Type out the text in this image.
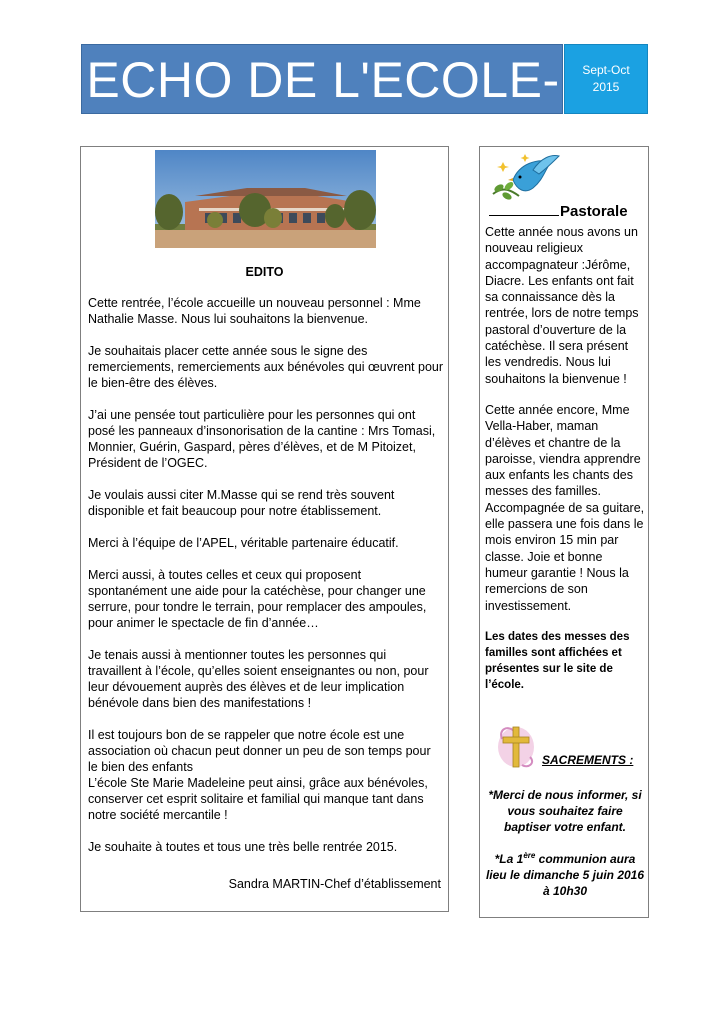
ECHO DE L'ECOLE-	Sept-Oct
2015
EDITO

Cette rentrée, l’école accueille un nouveau personnel : Mme Nathalie Masse. Nous lui souhaitons la bienvenue.

Je souhaitais placer cette année sous le signe des remerciements, remerciements aux bénévoles qui œuvrent pour le bien-être des élèves.

J’ai une pensée tout particulière pour les personnes qui ont posé les panneaux d’insonorisation de la cantine : Mrs Tomasi, Monnier, Guérin, Gaspard, pères d’élèves, et de M Pitoizet, Président de l’OGEC.

Je voulais aussi citer M.Masse qui se rend très souvent disponible et fait beaucoup pour notre établissement.

Merci à l’équipe de l’APEL, véritable partenaire éducatif.

Merci aussi, à toutes celles et ceux qui proposent spontanément une aide pour la catéchèse, pour changer une serrure, pour tondre le terrain, pour remplacer des ampoules, pour animer le spectacle de fin d’année…

Je tenais aussi à mentionner toutes les personnes qui travaillent à l’école, qu’elles soient enseignantes ou non, pour leur dévouement auprès des élèves et de leur implication bénévole dans bien des manifestations !

Il est toujours bon de se rappeler que notre école est une association où chacun peut donner un peu de son temps pour le bien des enfants

L’école Ste Marie Madeleine peut ainsi, grâce aux bénévoles, conserver cet esprit solitaire et familial qui manque tant dans notre société mercantile !

Je souhaite à toutes et tous une très belle rentrée 2015.

Sandra MARTIN-Chef d’établissement
Pastorale

Cette année nous avons un nouveau religieux accompagnateur :Jérôme, Diacre. Les enfants ont fait sa connaissance dès la rentrée, lors de notre temps pastoral d’ouverture de la catéchèse. Il sera présent les vendredis. Nous lui souhaitons la bienvenue !

Cette année encore, Mme Vella-Haber, maman d’élèves et chantre de la paroisse, viendra apprendre aux enfants les chants des messes des familles. Accompagnée de sa guitare, elle passera une fois dans le mois environ 15 min par classe. Joie et bonne humeur garantie ! Nous la remercions de son investissement.

Les dates des messes des familles sont affichées et présentes sur le site de l’école.

SACREMENTS :

*Merci de nous informer, si vous souhaitez faire baptiser votre enfant.

*La 1ère communion aura lieu le dimanche 5 juin 2016 à 10h30
